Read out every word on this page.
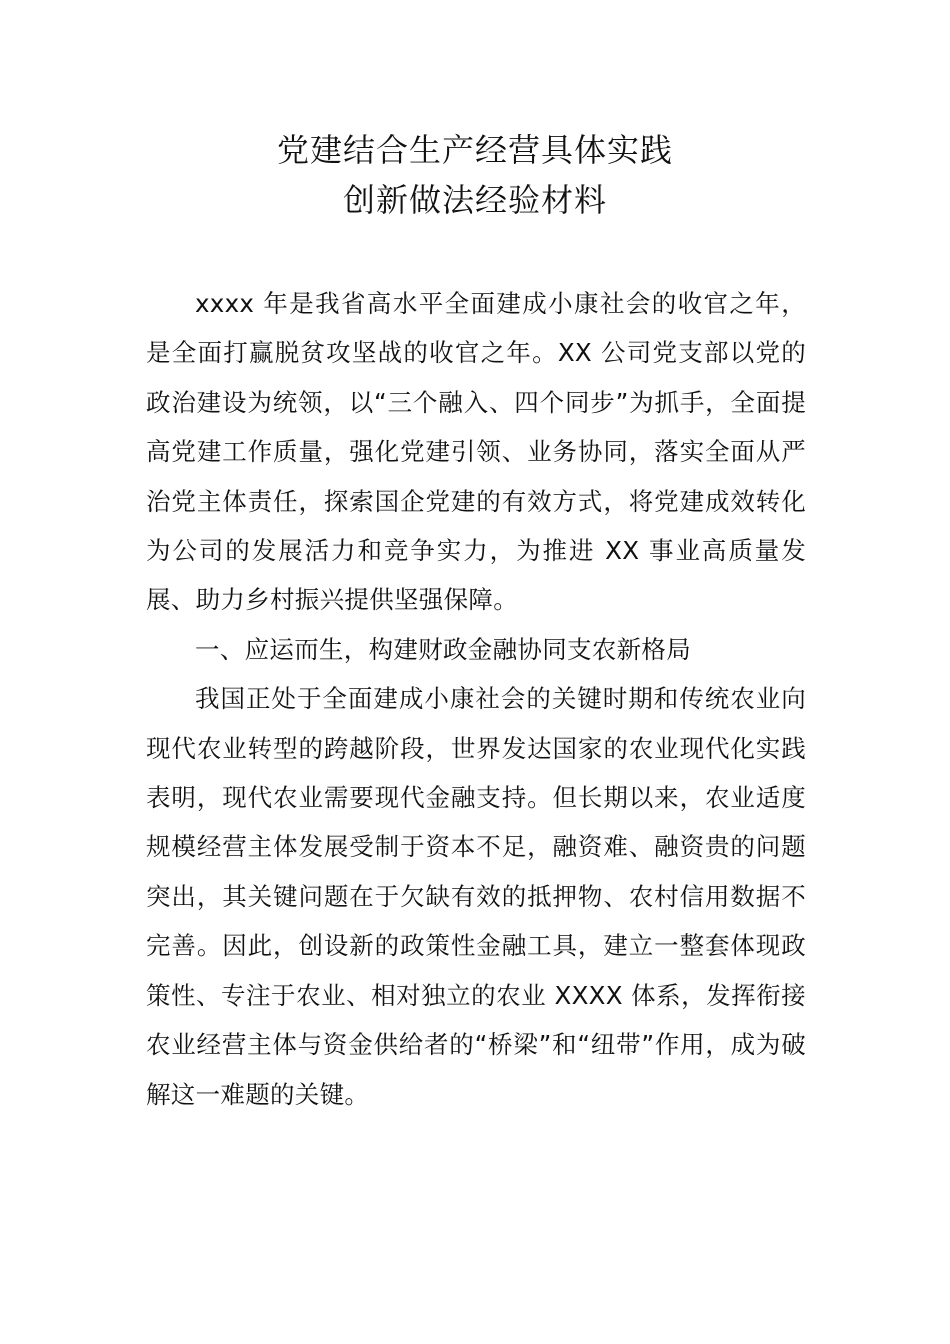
党建结合生产经营具体实践
创新做法经验材料

xxxx 年是我省高水平全面建成小康社会的收官之年，是全面打赢脱贫攻坚战的收官之年。XX 公司党支部以党的政治建设为统领，以“三个融入、四个同步”为抓手，全面提高党建工作质量，强化党建引领、业务协同，落实全面从严治党主体责任，探索国企党建的有效方式，将党建成效转化为公司的发展活力和竞争实力，为推进 XX 事业高质量发展、助力乡村振兴提供坚强保障。

一、应运而生，构建财政金融协同支农新格局

我国正处于全面建成小康社会的关键时期和传统农业向现代农业转型的跨越阶段，世界发达国家的农业现代化实践表明，现代农业需要现代金融支持。但长期以来，农业适度规模经营主体发展受制于资本不足，融资难、融资贵的问题突出，其关键问题在于欠缺有效的抵押物、农村信用数据不完善。因此，创设新的政策性金融工具，建立一整套体现政策性、专注于农业、相对独立的农业 XXXX 体系，发挥衔接农业经营主体与资金供给者的“桥梁”和“纽带”作用，成为破解这一难题的关键。
